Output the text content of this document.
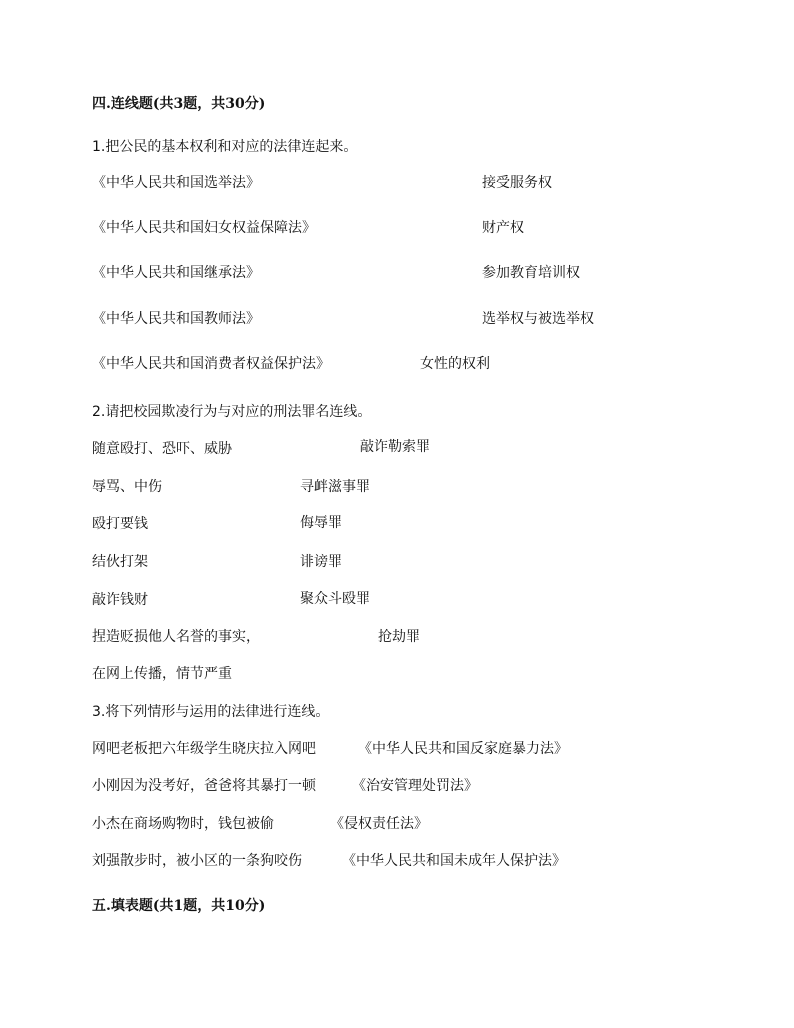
四.连线题(共3题，共30分)
1.把公民的基本权利和对应的法律连起来。
《中华人民共和国选举法》	接受服务权
《中华人民共和国妇女权益保障法》	财产权
《中华人民共和国继承法》	参加教育培训权
《中华人民共和国教师法》	选举权与被选举权
《中华人民共和国消费者权益保护法》	女性的权利
2.请把校园欺凌行为与对应的刑法罪名连线。
随意殴打、恐吓、威胁	敲诈勒索罪
辱骂、中伤	寻衅滋事罪
殴打要钱	侮辱罪
结伙打架	诽谤罪
敲诈钱财	聚众斗殴罪
捏造贬损他人名誉的事实，	抢劫罪
在网上传播，情节严重
3.将下列情形与运用的法律进行连线。
网吧老板把六年级学生晓庆拉入网吧	《中华人民共和国反家庭暴力法》
小刚因为没考好，爸爸将其暴打一顿	《治安管理处罚法》
小杰在商场购物时，钱包被偷	《侵权责任法》
刘强散步时，被小区的一条狗咬伤	《中华人民共和国未成年人保护法》
五.填表题(共1题，共10分)
